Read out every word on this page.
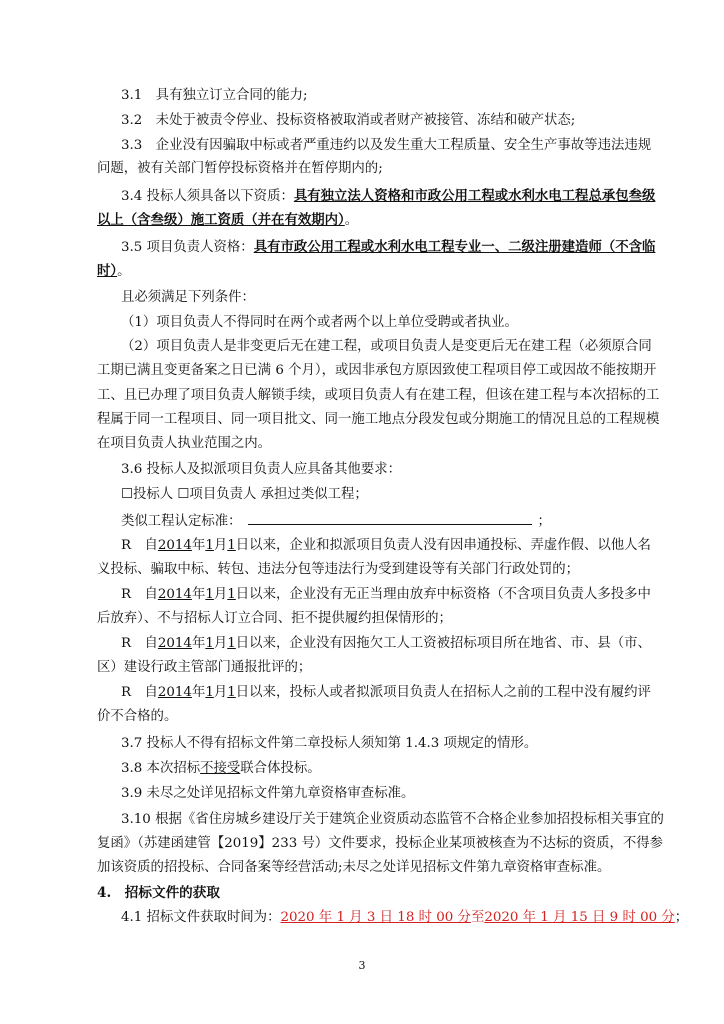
3.1　具有独立订立合同的能力;
3.2　未处于被责令停业、投标资格被取消或者财产被接管、冻结和破产状态;
3.3　企业没有因骗取中标或者严重违约以及发生重大工程质量、安全生产事故等违法违规
问题，被有关部门暂停投标资格并在暂停期内的;
3.4 投标人须具备以下资质：具有独立法人资格和市政公用工程或水利水电工程总承包叁级
以上（含叁级）施工资质（并在有效期内）。
3.5 项目负责人资格：具有市政公用工程或水利水电工程专业一、二级注册建造师（不含临
时）。
且必须满足下列条件：
（1）项目负责人不得同时在两个或者两个以上单位受聘或者执业。
（2）项目负责人是非变更后无在建工程，或项目负责人是变更后无在建工程（必须原合同
工期已满且变更备案之日已满 6 个月），或因非承包方原因致使工程项目停工或因故不能按期开
工、且已办理了项目负责人解锁手续，或项目负责人有在建工程，但该在建工程与本次招标的工
程属于同一工程项目、同一项目批文、同一施工地点分段发包或分期施工的情况且总的工程规模
在项目负责人执业范围之内。
3.6 投标人及拟派项目负责人应具备其他要求：
☐投标人 ☐项目负责人 承担过类似工程；
类似工程认定标准：	；
R　自2014年1月1日以来，企业和拟派项目负责人没有因串通投标、弄虚作假、以他人名
义投标、骗取中标、转包、违法分包等违法行为受到建设等有关部门行政处罚的；
R　自2014年1月1日以来，企业没有无正当理由放弃中标资格（不含项目负责人多投多中
后放弃）、不与招标人订立合同、拒不提供履约担保情形的；
R　自2014年1月1日以来，企业没有因拖欠工人工资被招标项目所在地省、市、县（市、
区）建设行政主管部门通报批评的；
R　自2014年1月1日以来，投标人或者拟派项目负责人在招标人之前的工程中没有履约评
价不合格的。
3.7 投标人不得有招标文件第二章投标人须知第 1.4.3 项规定的情形。
3.8 本次招标不接受联合体投标。
3.9 未尽之处详见招标文件第九章资格审查标准。
3.10 根据《省住房城乡建设厅关于建筑企业资质动态监管不合格企业参加招投标相关事宜的
复函》（苏建函建管【2019】233 号）文件要求，投标企业某项被核查为不达标的资质，不得参
加该资质的招投标、合同备案等经营活动;未尽之处详见招标文件第九章资格审查标准。
4.　招标文件的获取
4.1 招标文件获取时间为：2020 年 1 月 3 日 18 时 00 分至2020 年 1 月 15 日 9 时 00 分；
3
